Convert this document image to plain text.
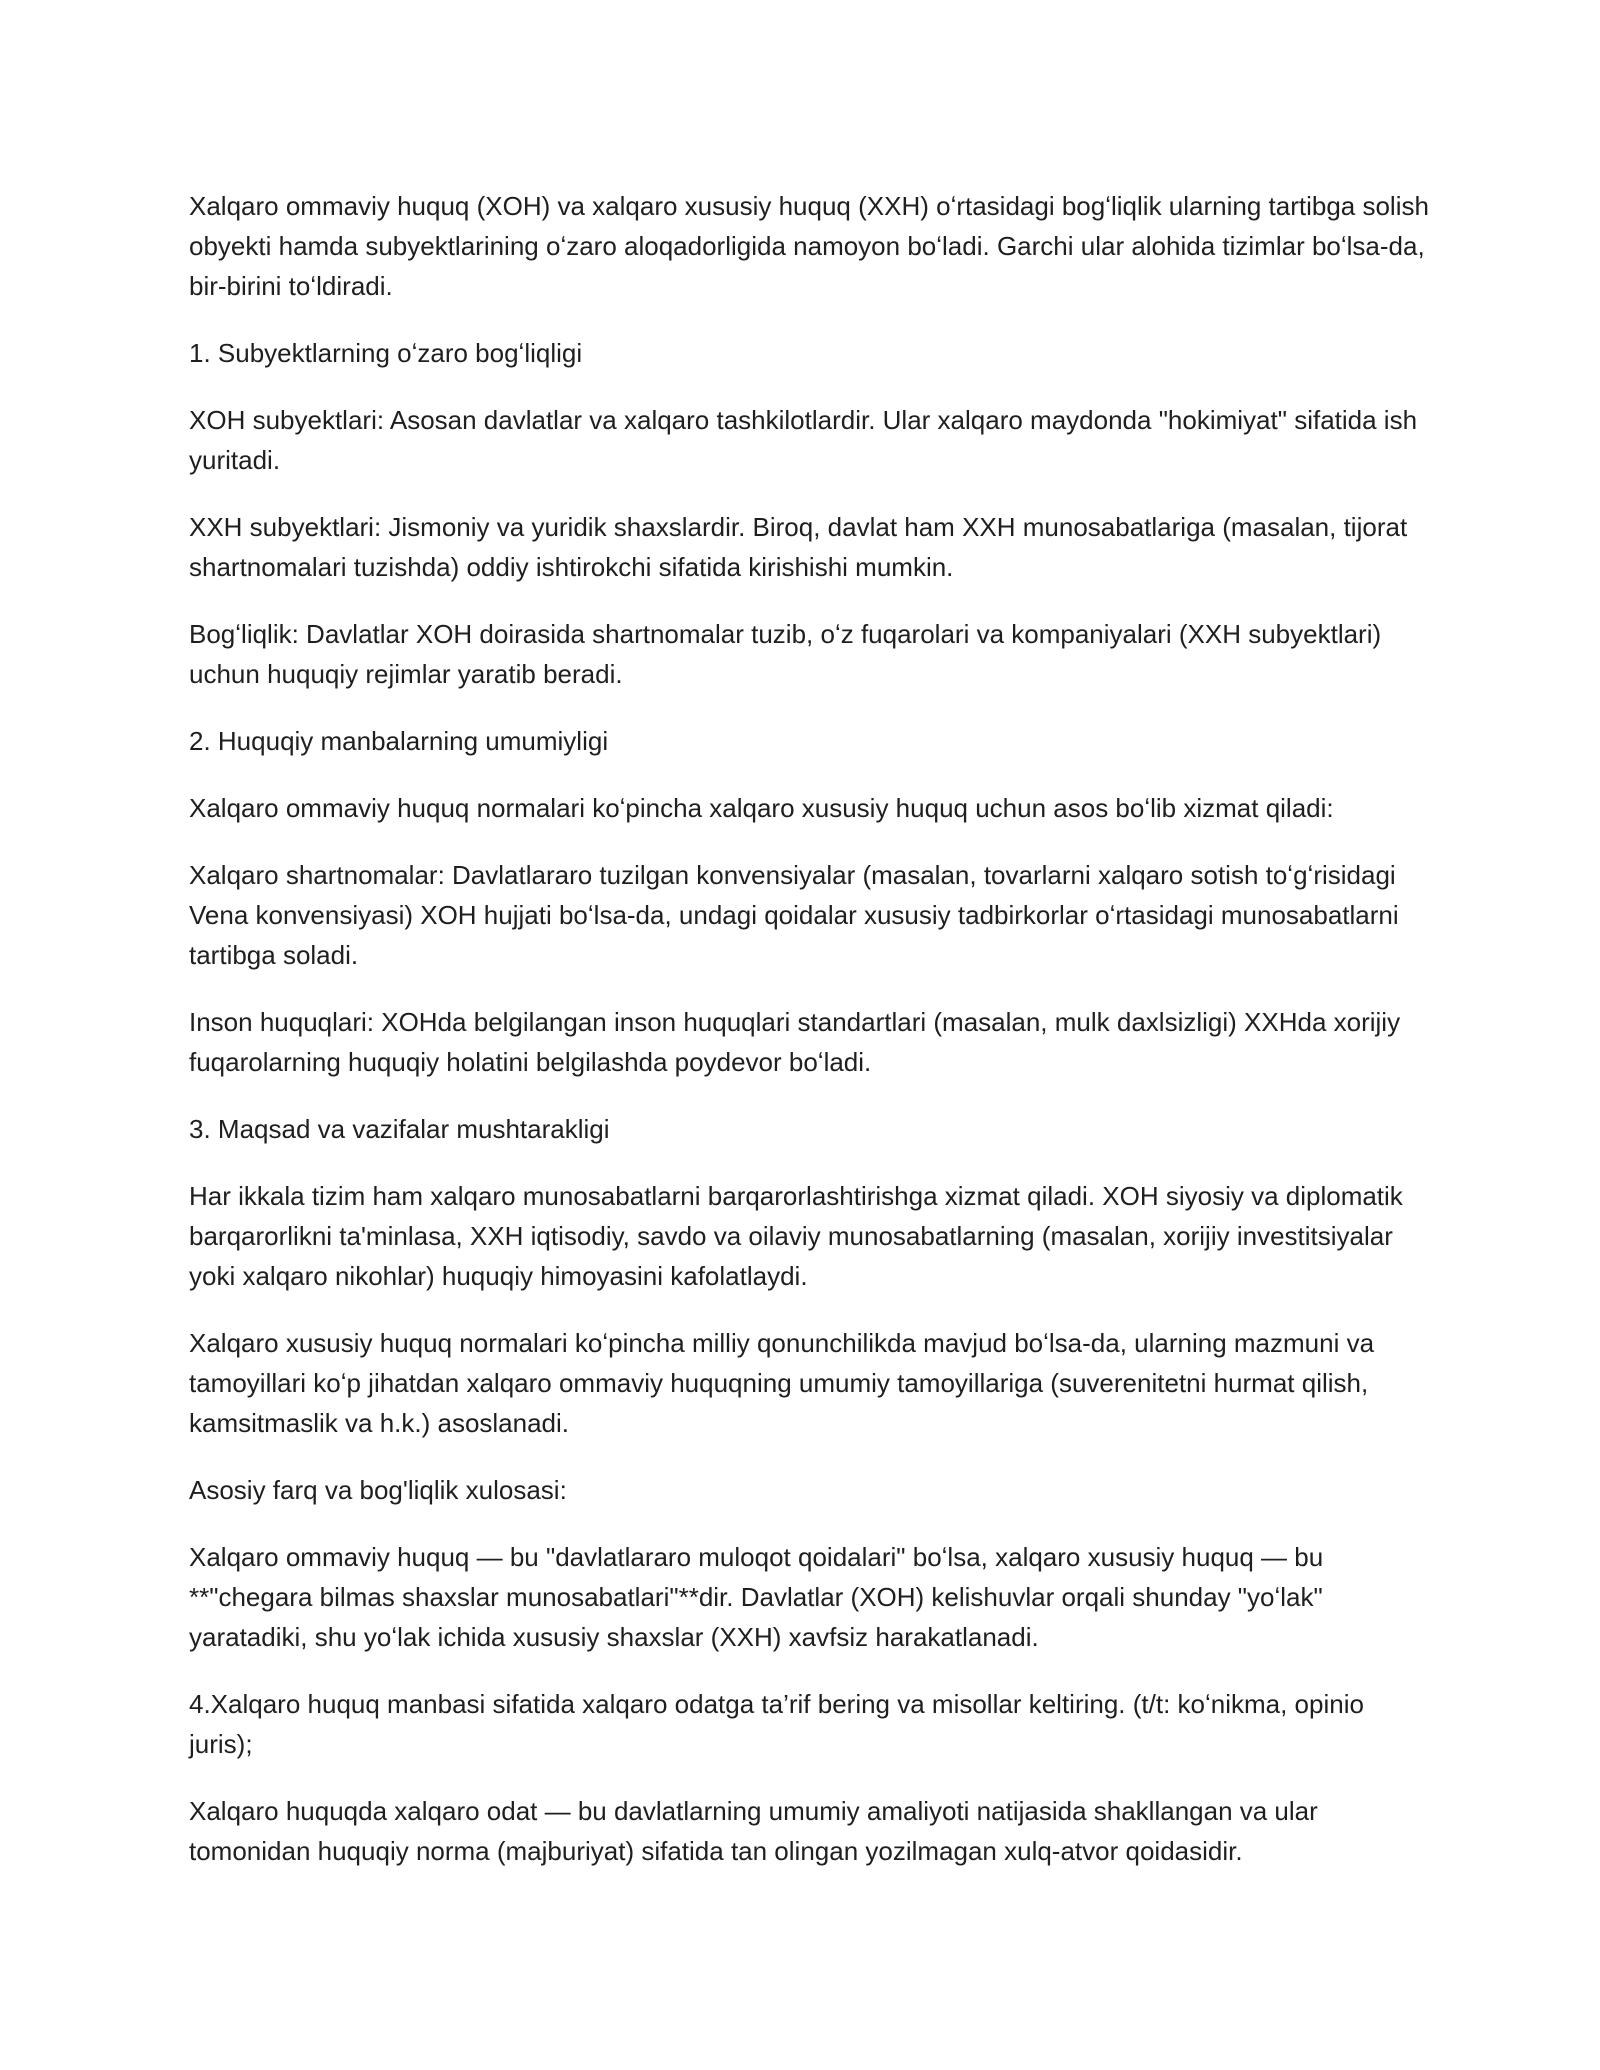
Xalqaro ommaviy huquq (XOH) va xalqaro xususiy huquq (XXH) oʻrtasidagi bogʻliqlik ularning tartibga solish obyekti hamda subyektlarining oʻzaro aloqadorligida namoyon boʻladi. Garchi ular alohida tizimlar boʻlsa-da, bir-birini toʻldiradi.

1. Subyektlarning oʻzaro bogʻliqligi

XOH subyektlari: Asosan davlatlar va xalqaro tashkilotlardir. Ular xalqaro maydonda "hokimiyat" sifatida ish yuritadi.

XXH subyektlari: Jismoniy va yuridik shaxslardir. Biroq, davlat ham XXH munosabatlariga (masalan, tijorat shartnomalari tuzishda) oddiy ishtirokchi sifatida kirishishi mumkin.

Bogʻliqlik: Davlatlar XOH doirasida shartnomalar tuzib, oʻz fuqarolari va kompaniyalari (XXH subyektlari) uchun huquqiy rejimlar yaratib beradi.

2. Huquqiy manbalarning umumiyligi

Xalqaro ommaviy huquq normalari koʻpincha xalqaro xususiy huquq uchun asos boʻlib xizmat qiladi:

Xalqaro shartnomalar: Davlatlararo tuzilgan konvensiyalar (masalan, tovarlarni xalqaro sotish toʻgʻrisidagi Vena konvensiyasi) XOH hujjati boʻlsa-da, undagi qoidalar xususiy tadbirkorlar oʻrtasidagi munosabatlarni tartibga soladi.

Inson huquqlari: XOHda belgilangan inson huquqlari standartlari (masalan, mulk daxlsizligi) XXHda xorijiy fuqarolarning huquqiy holatini belgilashda poydevor boʻladi.

3. Maqsad va vazifalar mushtarakligi

Har ikkala tizim ham xalqaro munosabatlarni barqarorlashtirishga xizmat qiladi. XOH siyosiy va diplomatik barqarorlikni ta'minlasa, XXH iqtisodiy, savdo va oilaviy munosabatlarning (masalan, xorijiy investitsiyalar yoki xalqaro nikohlar) huquqiy himoyasini kafolatlaydi.

Xalqaro xususiy huquq normalari koʻpincha milliy qonunchilikda mavjud boʻlsa-da, ularning mazmuni va tamoyillari koʻp jihatdan xalqaro ommaviy huquqning umumiy tamoyillariga (suverenitetni hurmat qilish, kamsitmaslik va h.k.) asoslanadi.

Asosiy farq va bog'liqlik xulosasi:

Xalqaro ommaviy huquq — bu "davlatlararo muloqot qoidalari" boʻlsa, xalqaro xususiy huquq — bu **"chegara bilmas shaxslar munosabatlari"**dir. Davlatlar (XOH) kelishuvlar orqali shunday "yoʻlak" yaratadiki, shu yoʻlak ichida xususiy shaxslar (XXH) xavfsiz harakatlanadi.

4.Xalqaro huquq manbasi sifatida xalqaro odatga ta’rif bering va misollar keltiring. (t/t: koʻnikma, opinio juris);

Xalqaro huquqda xalqaro odat — bu davlatlarning umumiy amaliyoti natijasida shakllangan va ular tomonidan huquqiy norma (majburiyat) sifatida tan olingan yozilmagan xulq-atvor qoidasidir.
